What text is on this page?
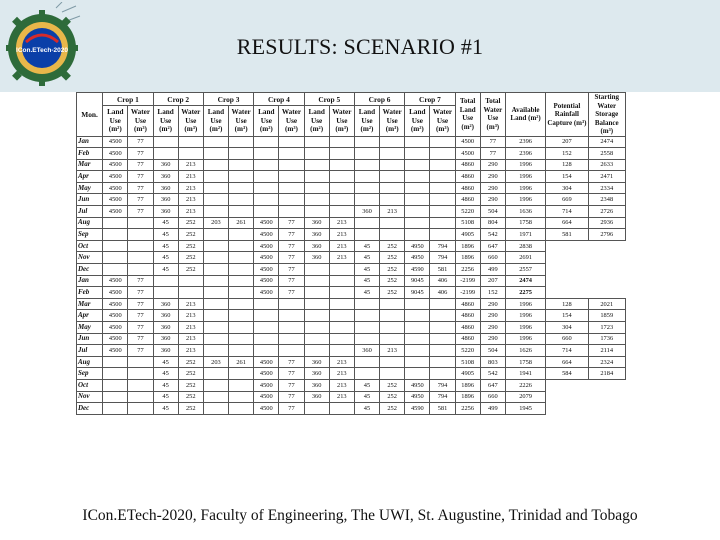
ICon.ETech-2020	RESULTS: SCENARIO #1
Mon.	Crop 1		Crop 2		Crop 3		Crop 4		Crop 5		Crop 6		Crop 7		Total Land Use (m²)	Total Water Use (m³)	Available Land (m²)	Potential Rainfall Capture (m³)	Starting Water Storage Balance (m³)
	Land Use (m²)	Water Use (m³)	Land Use (m²)	Water Use (m³)	Land Use (m²)	Water Use (m³)	Land Use (m²)	Water Use (m³)	Land Use (m²)	Water Use (m³)	Land Use (m²)	Water Use (m³)	Land Use (m²)	Water Use (m³)					
Jan	4500	77													4500	77	2396	207	2474
Feb	4500	77													4500	77	2396	152	2558
Mar	4500	77	360	213											4860	290	1996	128	2633
Apr	4500	77	360	213											4860	290	1996	154	2471
May	4500	77	360	213											4860	290	1996	304	2334
Jun	4500	77	360	213											4860	290	1996	669	2348
Jul	4500	77	360	213							360	213			5220	504	1636	714	2726
Aug			45	252	203	261	4500	77	360	213					5108	804	1758	664	2936
Sep			45	252			4500	77	360	213					4905	542	1971	581	2796
Oct			45	252			4500	77	360	213	45	252	4950	794	1896	647	2838		
Nov			45	252			4500	77	360	213	45	252	4950	794	1896	660	2691		
Dec			45	252			4500	77			45	252	4590	581	2256	499	2557		
Jan	4500	77					4500	77			45	252	9045	406	-2199	207	2474		
Feb	4500	77					4500	77			45	252	9045	406	-2199	152	2275		
Mar	4500	77	360	213											4860	290	1996	128	2021
Apr	4500	77	360	213											4860	290	1996	154	1859
May	4500	77	360	213											4860	290	1996	304	1723
Jun	4500	77	360	213											4860	290	1996	660	1736
Jul	4500	77	360	213							360	213			5220	504	1626	714	2114
Aug			45	252	203	261	4500	77	360	213					5108	803	1758	664	2324
Sep			45	252			4500	77	360	213					4905	542	1941	584	2184
Oct			45	252			4500	77	360	213	45	252	4950	794	1896	647	2226		
Nov			45	252			4500	77	360	213	45	252	4950	794	1896	660	2079		
Dec			45	252			4500	77			45	252	4590	581	2256	499	1945		
ICon.ETech-2020, Faculty of Engineering, The UWI, St. Augustine, Trinidad and Tobago
